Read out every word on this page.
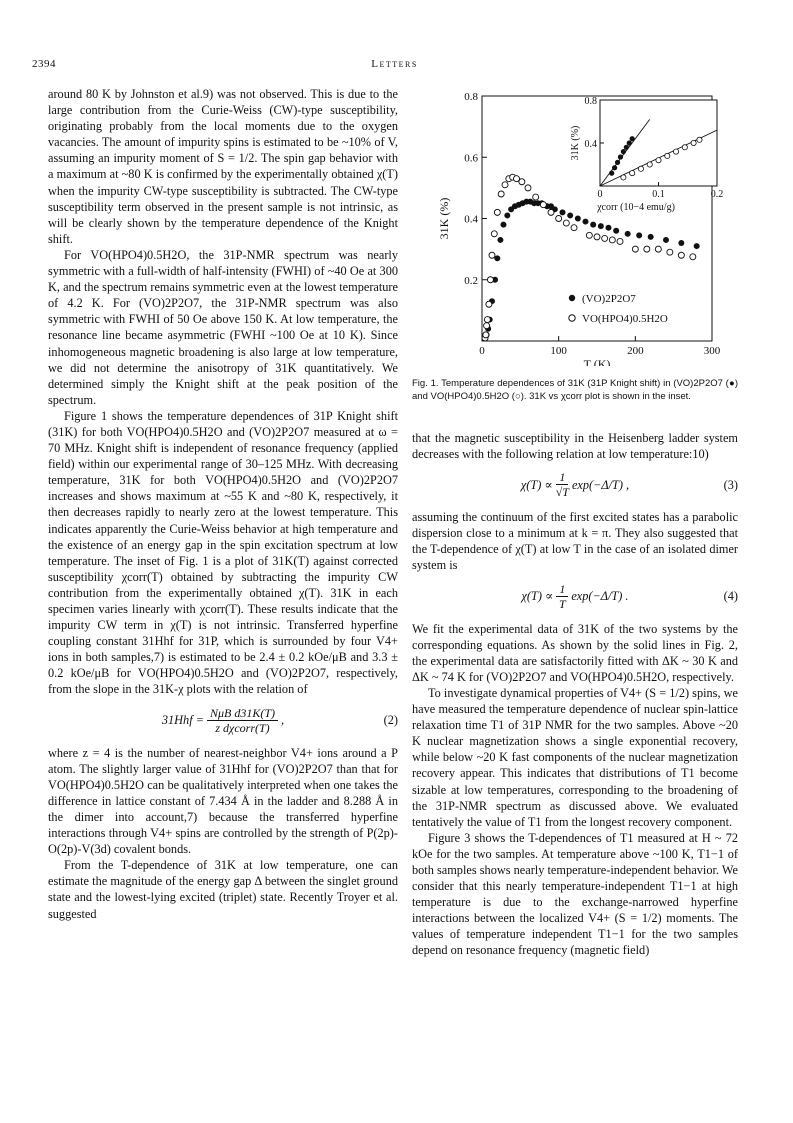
2394	Letters

around 80 K by Johnston et al.9) was not observed. This is due to the large contribution from the Curie-Weiss (CW)-type susceptibility, originating probably from the local moments due to the oxygen vacancies. The amount of impurity spins is estimated to be ~10% of V, assuming an impurity moment of S = 1/2. The spin gap behavior with a maximum at ~80 K is confirmed by the experimentally obtained χ(T) when the impurity CW-type susceptibility is subtracted. The CW-type susceptibility term observed in the present sample is not intrinsic, as will be clearly shown by the temperature dependence of the Knight shift.

For VO(HPO4)0.5H2O, the 31P-NMR spectrum was nearly symmetric with a full-width of half-intensity (FWHI) of ~40 Oe at 300 K, and the spectrum remains symmetric even at the lowest temperature of 4.2 K. For (VO)2P2O7, the 31P-NMR spectrum was also symmetric with FWHI of 50 Oe above 150 K. At low temperature, the resonance line became asymmetric (FWHI ~100 Oe at 10 K). Since inhomogeneous magnetic broadening is also large at low temperature, we did not determine the anisotropy of 31K quantitatively. We determined simply the Knight shift at the peak position of the spectrum.

Figure 1 shows the temperature dependences of 31P Knight shift (31K) for both VO(HPO4)0.5H2O and (VO)2P2O7 measured at ω = 70 MHz. Knight shift is independent of resonance frequency (applied field) within our experimental range of 30–125 MHz. With decreasing temperature, 31K for both VO(HPO4)0.5H2O and (VO)2P2O7 increases and shows maximum at ~55 K and ~80 K, respectively, it then decreases rapidly to nearly zero at the lowest temperature. This indicates apparently the Curie-Weiss behavior at high temperature and the existence of an energy gap in the spin excitation spectrum at low temperature. The inset of Fig. 1 is a plot of 31K(T) against corrected susceptibility χcorr(T) obtained by subtracting the impurity CW contribution from the experimentally obtained χ(T). 31K in each specimen varies linearly with χcorr(T). These results indicate that the impurity CW term in χ(T) is not intrinsic. Transferred hyperfine coupling constant 31Hhf for 31P, which is surrounded by four V4+ ions in both samples,7) is estimated to be 2.4 ± 0.2 kOe/μB and 3.3 ± 0.2 kOe/μB for VO(HPO4)0.5H2O and (VO)2P2O7, respectively, from the slope in the 31K-χ plots with the relation of

$31Hhf = \frac{\text{NμB d31K(T)}}{\text{z dχcorr(T)}}$ ,	(2)

where z = 4 is the number of nearest-neighbor V4+ ions around a P atom. The slightly larger value of 31Hhf for (VO)2P2O7 than that for VO(HPO4)0.5H2O can be qualitatively interpreted when one takes the difference in lattice constant of 7.434 Å in the ladder and 8.288 Å in the dimer into account,7) because the transferred hyperfine interactions through V4+ spins are controlled by the strength of P(2p)-O(2p)-V(3d) covalent bonds.

From the T-dependence of 31K at low temperature, one can estimate the magnitude of the energy gap Δ between the singlet ground state and the lowest-lying excited (triplet) state. Recently Troyer et al. suggested

0	100	200	300
0.2
0.4
0.6
0.8
T (K)
31K (%)
(VO)2P2O7
VO(HPO4)0.5H2O
0	0.1	0.2
0.4
0.8
31K (%)
χcorr (10−4 emu/g)
Fig. 1. Temperature dependences of 31K (31P Knight shift) in (VO)2P2O7 (●) and VO(HPO4)0.5H2O (○). 31K vs χcorr plot is shown in the inset.

that the magnetic susceptibility in the Heisenberg ladder system decreases with the following relation at low temperature:10)

$\chi(T) \propto \frac{1}{√T} \exp(-\Delta/T)$ ,	(3)

assuming the continuum of the first excited states has a parabolic dispersion close to a minimum at k = π. They also suggested that the T-dependence of χ(T) at low T in the case of an isolated dimer system is

$\chi(T) \propto \frac{1}{T} \exp(-\Delta/T)$ .	(4)

We fit the experimental data of 31K of the two systems by the corresponding equations. As shown by the solid lines in Fig. 2, the experimental data are satisfactorily fitted with ΔK ~ 30 K and ΔK ~ 74 K for (VO)2P2O7 and VO(HPO4)0.5H2O, respectively.

To investigate dynamical properties of V4+ (S = 1/2) spins, we have measured the temperature dependence of nuclear spin-lattice relaxation time T1 of 31P NMR for the two samples. Above ~20 K nuclear magnetization shows a single exponential recovery, while below ~20 K fast components of the nuclear magnetization recovery appear. This indicates that distributions of T1 become sizable at low temperatures, corresponding to the broadening of the 31P-NMR spectrum as discussed above. We evaluated tentatively the value of T1 from the longest recovery component.

Figure 3 shows the T-dependences of T1 measured at H ~ 72 kOe for the two samples. At temperature above ~100 K, T1−1 of both samples shows nearly temperature-independent behavior. We consider that this nearly temperature-independent T1−1 at high temperature is due to the exchange-narrowed hyperfine interactions between the localized V4+ (S = 1/2) moments. The values of temperature independent T1−1 for the two samples depend on resonance frequency (magnetic field)
